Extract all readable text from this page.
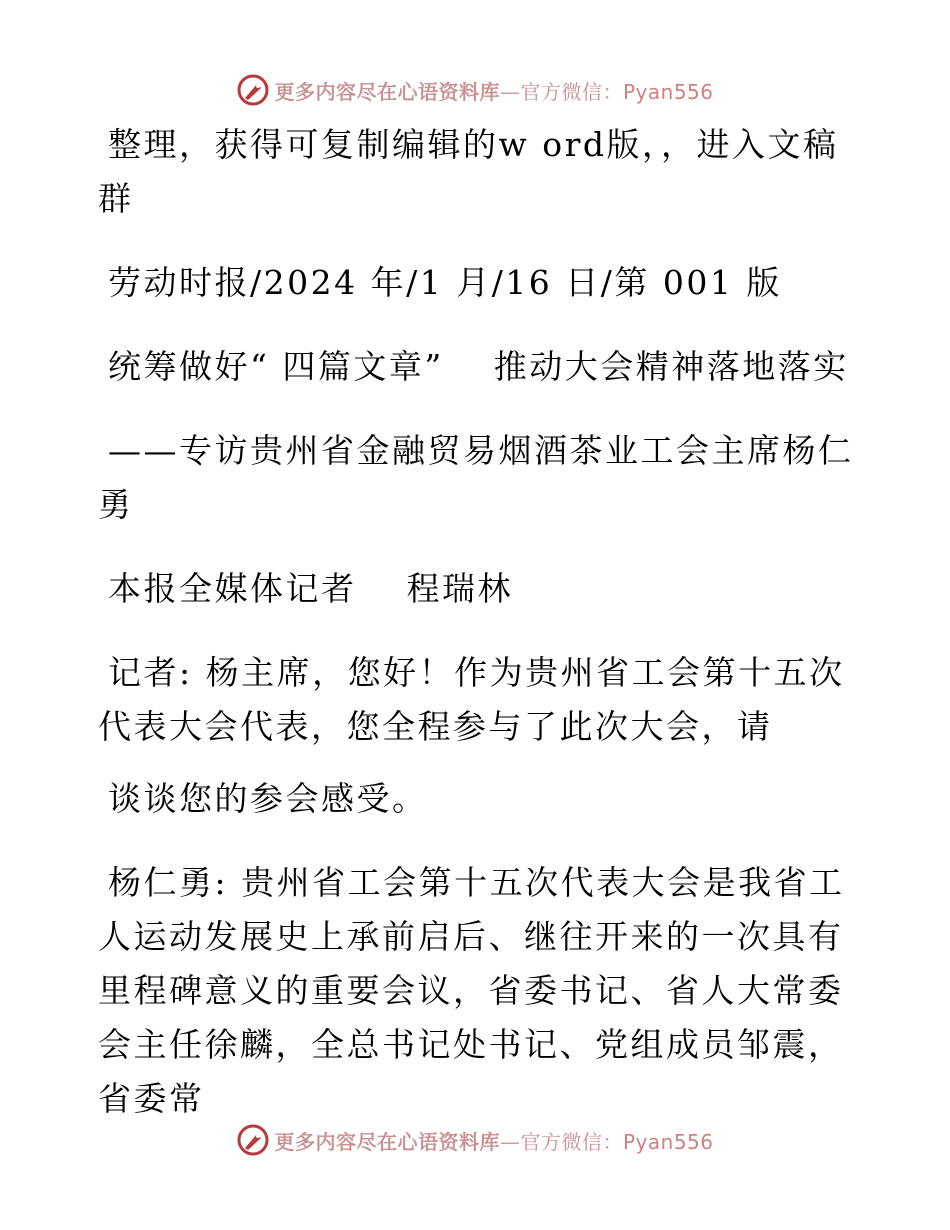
更多内容尽在心语资料库—官方微信：Pyan556

整理，获得可复制编辑的w ord版，，进入文稿群

劳动时报/2024 年/1 月/16 日/第 001 版

统筹做好“ 四篇文章” 推动大会精神落地落实

——专访贵州省金融贸易烟酒茶业工会主席杨仁勇

本报全媒体记者 程瑞林

记者: 杨主席，您好！作为贵州省工会第十五次代表大会代表，您全程参与了此次大会，请

谈谈您的参会感受。

杨仁勇: 贵州省工会第十五次代表大会是我省工人运动发展史上承前启后、继往开来的一次具有里程碑意义的重要会议，省委书记、省人大常委会主任徐麟，全总书记处书记、党组成员邹震，省委常

更多内容尽在心语资料库—官方微信：Pyan556
